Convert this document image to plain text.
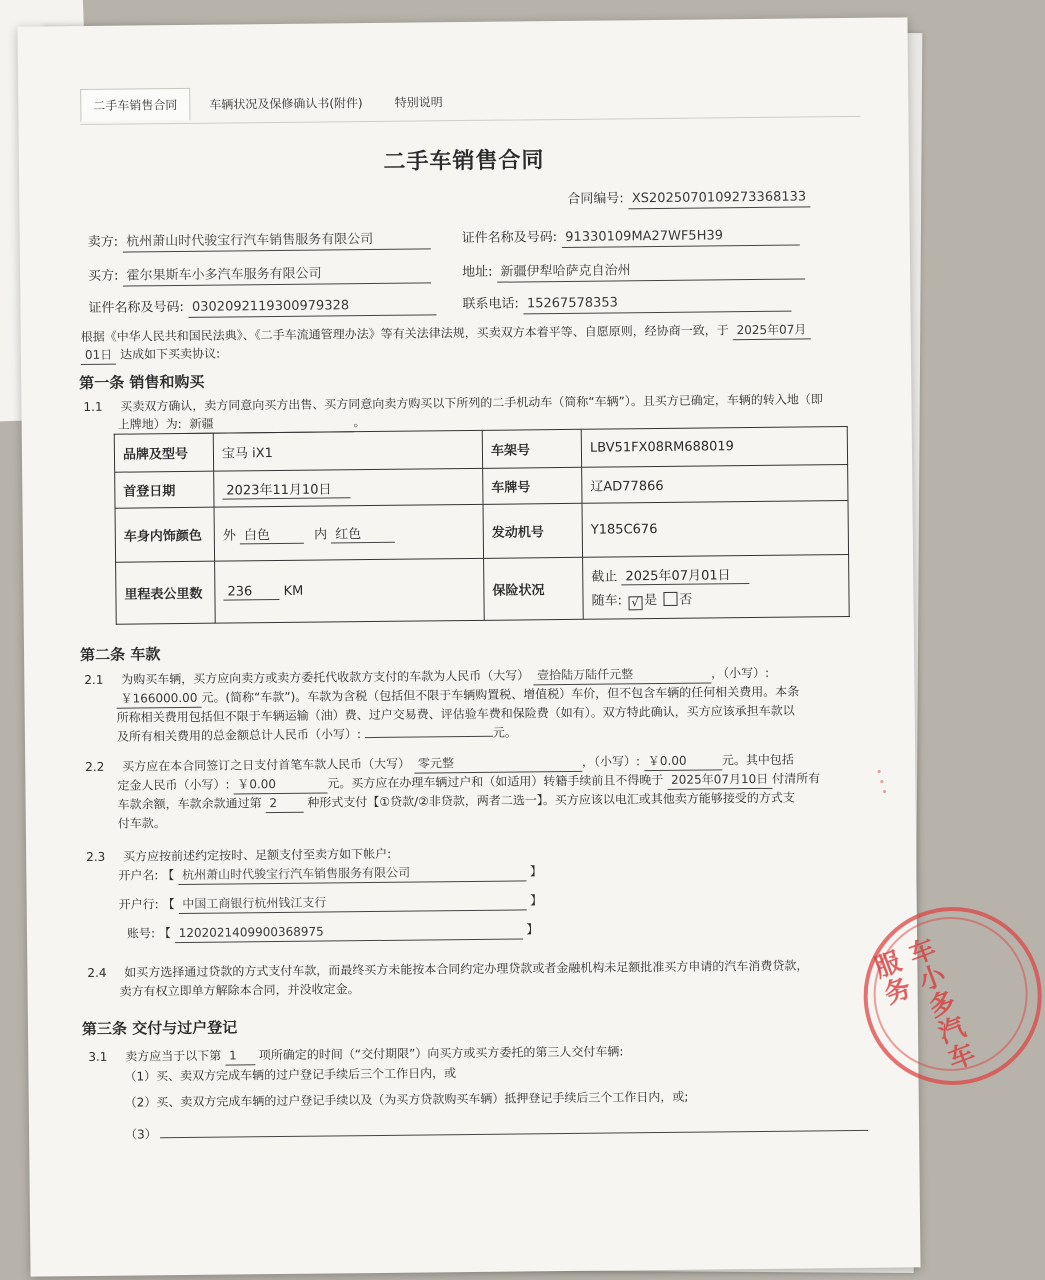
二手车销售合同	车辆状况及保修确认书(附件)	特别说明
二手车销售合同
合同编号: XS2025070109273368133
卖方: 杭州萧山时代骏宝行汽车销售服务有限公司	证件名称及号码: 91330109MA27WF5H39
买方: 霍尔果斯车小多汽车服务有限公司	地址: 新疆伊犁哈萨克自治州
证件名称及号码: 0302092119300979328	联系电话: 15267578353
根据《中华人民共和国民法典》、《二手车流通管理办法》等有关法律法规，买卖双方本着平等、自愿原则，经协商一致，于 2025年07月
01日 达成如下买卖协议:
第一条 销售和购买
1.1 买卖双方确认，卖方同意向买方出售、买方同意向卖方购买以下所列的二手机动车（简称“车辆”）。且买方已确定，车辆的转入地（即
上牌地）为: 新疆	。
品牌及型号	宝马 iX1	车架号	LBV51FX08RM688019
首登日期	2023年11月10日	车牌号	辽AD77866
车身内饰颜色	外 白色 内 红色	发动机号	Y185C676
里程表公里数	236 KM	保险状况	截止 2025年07月01日
随车: √ 是 否
第二条 车款
2.1 为购买车辆，买方应向卖方或卖方委托代收款方支付的车款为人民币（大写） 壹拾陆万陆仟元整	，（小写）:
￥166000.00 元。(简称“车款”)。车款为含税（包括但不限于车辆购置税、增值税）车价，但不包含车辆的任何相关费用。本条
所称相关费用包括但不限于车辆运输（油）费、过户交易费、评估验车费和保险费（如有）。双方特此确认，买方应该承担车款以
及所有相关费用的总金额总计人民币（小写）:	元。
2.2 买方应在本合同签订之日支付首笔车款人民币（大写） 零元整	，（小写）: ￥0.00	元。其中包括
定金人民币（小写）: ￥0.00	元。买方应在办理车辆过户和（如适用）转籍手续前且不得晚于 2025年07月10日 付清所有
车款余额，车款余款通过第 2	种形式支付【①贷款/②非贷款，两者二选一】。买方应该以电汇或其他卖方能够接受的方式支
付车款。
2.3 买方应按前述约定按时、足额支付至卖方如下帐户:
开户名: 【 杭州萧山时代骏宝行汽车销售服务有限公司	】
开户行: 【 中国工商银行杭州钱江支行	】
账号: 【 1202021409900368975	】
2.4 如买方选择通过贷款的方式支付车款，而最终买方未能按本合同约定办理贷款或者金融机构未足额批准买方申请的汽车消费贷款，
卖方有权立即单方解除本合同，并没收定金。
第三条 交付与过户登记
3.1 卖方应当于以下第 1 项所确定的时间（“交付期限”）向买方或买方委托的第三人交付车辆:
（1）买、卖双方完成车辆的过户登记手续后三个工作日内，或
（2）买、卖双方完成车辆的过户登记手续以及（为买方贷款购买车辆）抵押登记手续后三个工作日内，或;
（3）
∙ ∙ ∙
车小多汽车服务
